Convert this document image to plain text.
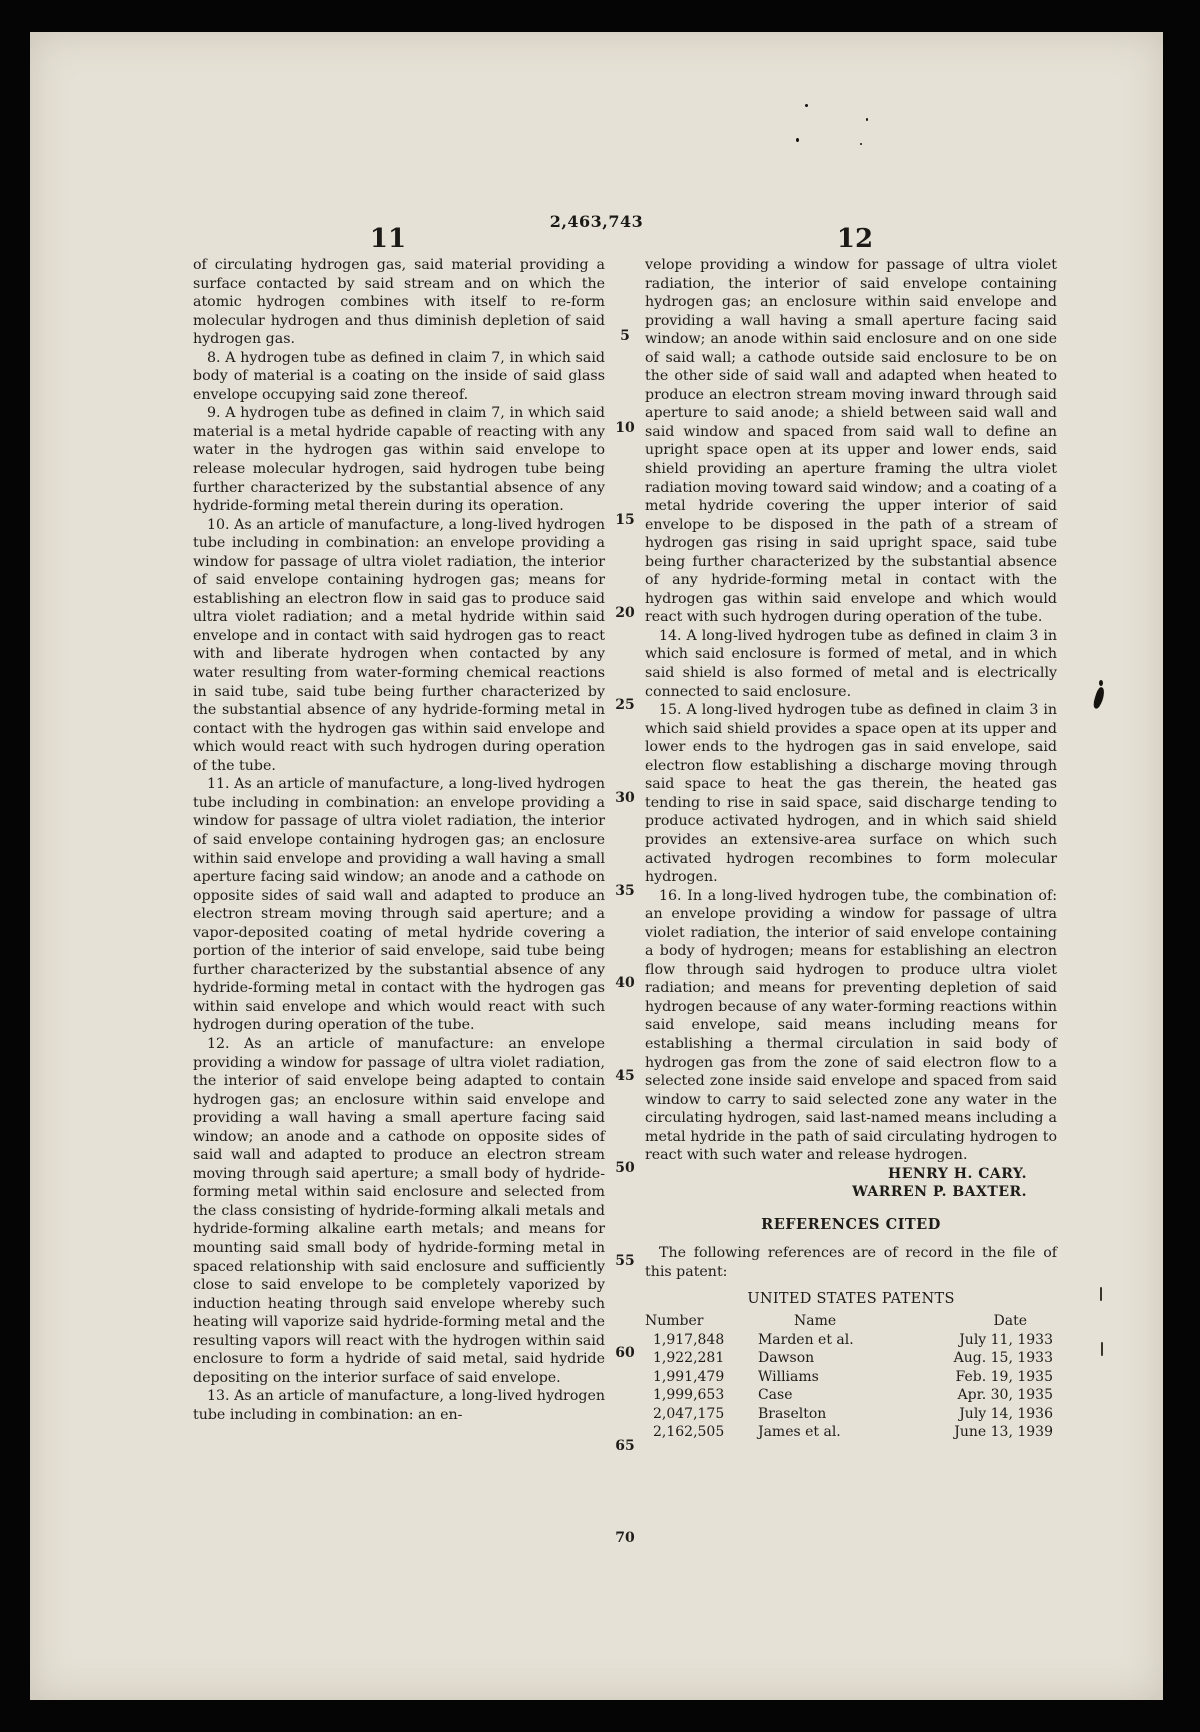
2,463,743
11	12

of circulating hydrogen gas, said material providing a surface contacted by said stream and on which the atomic hydrogen combines with itself to re-form molecular hydrogen and thus diminish depletion of said hydrogen gas.

8. A hydrogen tube as defined in claim 7, in which said body of material is a coating on the inside of said glass envelope occupying said zone thereof.

9. A hydrogen tube as defined in claim 7, in which said material is a metal hydride capable of reacting with any water in the hydrogen gas within said envelope to release molecular hydrogen, said hydrogen tube being further characterized by the substantial absence of any hydride-forming metal therein during its operation.

10. As an article of manufacture, a long-lived hydrogen tube including in combination: an envelope providing a window for passage of ultra violet radiation, the interior of said envelope containing hydrogen gas; means for establishing an electron flow in said gas to produce said ultra violet radiation; and a metal hydride within said envelope and in contact with said hydrogen gas to react with and liberate hydrogen when contacted by any water resulting from water-forming chemical reactions in said tube, said tube being further characterized by the substantial absence of any hydride-forming metal in contact with the hydrogen gas within said envelope and which would react with such hydrogen during operation of the tube.

11. As an article of manufacture, a long-lived hydrogen tube including in combination: an envelope providing a window for passage of ultra violet radiation, the interior of said envelope containing hydrogen gas; an enclosure within said envelope and providing a wall having a small aperture facing said window; an anode and a cathode on opposite sides of said wall and adapted to produce an electron stream moving through said aperture; and a vapor-deposited coating of metal hydride covering a portion of the interior of said envelope, said tube being further characterized by the substantial absence of any hydride-forming metal in contact with the hydrogen gas within said envelope and which would react with such hydrogen during operation of the tube.

12. As an article of manufacture: an envelope providing a window for passage of ultra violet radiation, the interior of said envelope being adapted to contain hydrogen gas; an enclosure within said envelope and providing a wall having a small aperture facing said window; an anode and a cathode on opposite sides of said wall and adapted to produce an electron stream moving through said aperture; a small body of hydride-forming metal within said enclosure and selected from the class consisting of hydride-forming alkali metals and hydride-forming alkaline earth metals; and means for mounting said small body of hydride-forming metal in spaced relationship with said enclosure and sufficiently close to said envelope to be completely vaporized by induction heating through said envelope whereby such heating will vaporize said hydride-forming metal and the resulting vapors will react with the hydrogen within said enclosure to form a hydride of said metal, said hydride depositing on the interior surface of said envelope.

13. As an article of manufacture, a long-lived hydrogen tube including in combination: an en-

5
10
15
20
25
30
35
40
45
50
55
60
65
70

velope providing a window for passage of ultra violet radiation, the interior of said envelope containing hydrogen gas; an enclosure within said envelope and providing a wall having a small aperture facing said window; an anode within said enclosure and on one side of said wall; a cathode outside said enclosure to be on the other side of said wall and adapted when heated to produce an electron stream moving inward through said aperture to said anode; a shield between said wall and said window and spaced from said wall to define an upright space open at its upper and lower ends, said shield providing an aperture framing the ultra violet radiation moving toward said window; and a coating of a metal hydride covering the upper interior of said envelope to be disposed in the path of a stream of hydrogen gas rising in said upright space, said tube being further characterized by the substantial absence of any hydride-forming metal in contact with the hydrogen gas within said envelope and which would react with such hydrogen during operation of the tube.

14. A long-lived hydrogen tube as defined in claim 3 in which said enclosure is formed of metal, and in which said shield is also formed of metal and is electrically connected to said enclosure.

15. A long-lived hydrogen tube as defined in claim 3 in which said shield provides a space open at its upper and lower ends to the hydrogen gas in said envelope, said electron flow establishing a discharge moving through said space to heat the gas therein, the heated gas tending to rise in said space, said discharge tending to produce activated hydrogen, and in which said shield provides an extensive-area surface on which such activated hydrogen recombines to form molecular hydrogen.

16. In a long-lived hydrogen tube, the combination of: an envelope providing a window for passage of ultra violet radiation, the interior of said envelope containing a body of hydrogen; means for establishing an electron flow through said hydrogen to produce ultra violet radiation; and means for preventing depletion of said hydrogen because of any water-forming reactions within said envelope, said means including means for establishing a thermal circulation in said body of hydrogen gas from the zone of said electron flow to a selected zone inside said envelope and spaced from said window to carry to said selected zone any water in the circulating hydrogen, said last-named means including a metal hydride in the path of said circulating hydrogen to react with such water and release hydrogen.

HENRY H. CARY.

WARREN P. BAXTER.

REFERENCES CITED

The following references are of record in the file of this patent:

UNITED STATES PATENTS

Number	Name	Date
1,917,848	Marden et al.	July 11, 1933
1,922,281	Dawson	Aug. 15, 1933
1,991,479	Williams	Feb. 19, 1935
1,999,653	Case	Apr. 30, 1935
2,047,175	Braselton	July 14, 1936
2,162,505	James et al.	June 13, 1939
